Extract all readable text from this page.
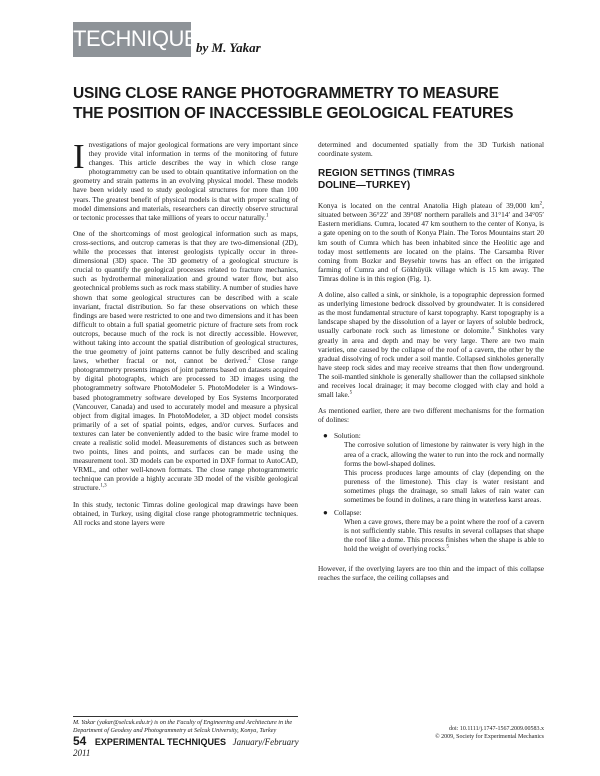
TECHNIQUES
by M. Yakar
USING CLOSE RANGE PHOTOGRAMMETRY TO MEASURE
THE POSITION OF INACCESSIBLE GEOLOGICAL FEATURES

Investigations of major geological formations are very important since they provide vital information in terms of the monitoring of future changes. This article describes the way in which close range photogrammetry can be used to obtain quantitative information on the geometry and strain patterns in an evolving physical model. These models have been widely used to study geological structures for more than 100 years. The greatest benefit of physical models is that with proper scaling of model dimensions and materials, researchers can directly observe structural or tectonic processes that take millions of years to occur naturally.$^1$

One of the shortcomings of most geological information such as maps, cross-sections, and outcrop cameras is that they are two-dimensional (2D), while the processes that interest geologists typically occur in three-dimensional (3D) space. The 3D geometry of a geological structure is crucial to quantify the geological processes related to fracture mechanics, such as hydrothermal mineralization and ground water flow, but also geotechnical problems such as rock mass stability. A number of studies have shown that some geological structures can be described with a scale invariant, fractal distribution. So far these observations on which these findings are based were restricted to one and two dimensions and it has been difficult to obtain a full spatial geometric picture of fracture sets from rock outcrops, because much of the rock is not directly accessible. However, without taking into account the spatial distribution of geological structures, the true geometry of joint patterns cannot be fully described and scaling laws, whether fractal or not, cannot be derived.$^2$ Close range photogrammetry presents images of joint patterns based on datasets acquired by digital photographs, which are processed to 3D images using the photogrammetry software PhotoModeler 5. PhotoModeler is a Windows-based photogrammetry software developed by Eos Systems Incorporated (Vancouver, Canada) and used to accurately model and measure a physical object from digital images. In PhotoModeler, a 3D object model consists primarily of a set of spatial points, edges, and/or curves. Surfaces and textures can later be conveniently added to the basic wire frame model to create a realistic solid model. Measurements of distances such as between two points, lines and points, and surfaces can be made using the measurement tool. 3D models can be exported in DXF format to AutoCAD, VRML, and other well-known formats. The close range photogrammetric technique can provide a highly accurate 3D model of the visible geological structure.$^{1,3}$

In this study, tectonic Timras doline geological map drawings have been obtained, in Turkey, using digital close range photogrammetric techniques. All rocks and stone layers were

M. Yakar (yakar@selcuk.edu.tr) is on the Faculty of Engineering and Architecture in the Department of Geodesy and Photogrammetry at Selcuk University, Konya, Turkey

determined and documented spatially from the 3D Turkish national coordinate system.

REGION SETTINGS (TIMRAS
DOLINE—TURKEY)

Konya is located on the central Anatolia High plateau of 39,000 $km^2$, situated between 36°22′ and 39°08′ northern parallels and 31°14′ and 34°05′ Eastern meridians. Cumra, located 47 km southern to the center of Konya, is a gate opening on to the south of Konya Plain. The Toros Mountains start 20 km south of Cumra which has been inhabited since the Heolitic age and today most settlements are located on the plains. The Carsamba River coming from Bozkır and Beysehir towns has an effect on the irrigated farming of Cumra and of Gökhüyük village which is 15 km away. The Timras doline is in this region (Fig. 1).

A doline, also called a sink, or sinkhole, is a topographic depression formed as underlying limestone bedrock dissolved by groundwater. It is considered as the most fundamental structure of karst topography. Karst topography is a landscape shaped by the dissolution of a layer or layers of soluble bedrock, usually carbonate rock such as limestone or dolomite.$^4$ Sinkholes vary greatly in area and depth and may be very large. There are two main varieties, one caused by the collapse of the roof of a cavern, the other by the gradual dissolving of rock under a soil mantle. Collapsed sinkholes generally have steep rock sides and may receive streams that then flow underground. The soil-mantled sinkhole is generally shallower than the collapsed sinkhole and receives local drainage; it may become clogged with clay and hold a small lake.$^5$

As mentioned earlier, there are two different mechanisms for the formation of dolines:

● Solution:
The corrosive solution of limestone by rainwater is very high in the area of a crack, allowing the water to run into the rock and normally forms the bowl-shaped dolines.
This process produces large amounts of clay (depending on the pureness of the limestone). This clay is water resistant and sometimes plugs the drainage, so small lakes of rain water can sometimes be found in dolines, a rare thing in waterless karst areas.
● Collapse:
When a cave grows, there may be a point where the roof of a cavern is not sufficiently stable. This results in several collapses that shape the roof like a dome. This process finishes when the shape is able to hold the weight of overlying rocks.$^5$

However, if the overlying layers are too thin and the impact of this collapse reaches the surface, the ceiling collapses and

doi: 10.1111/j.1747-1567.2009.00583.x
© 2009, Society for Experimental Mechanics
54 EXPERIMENTAL TECHNIQUES January/February 2011
